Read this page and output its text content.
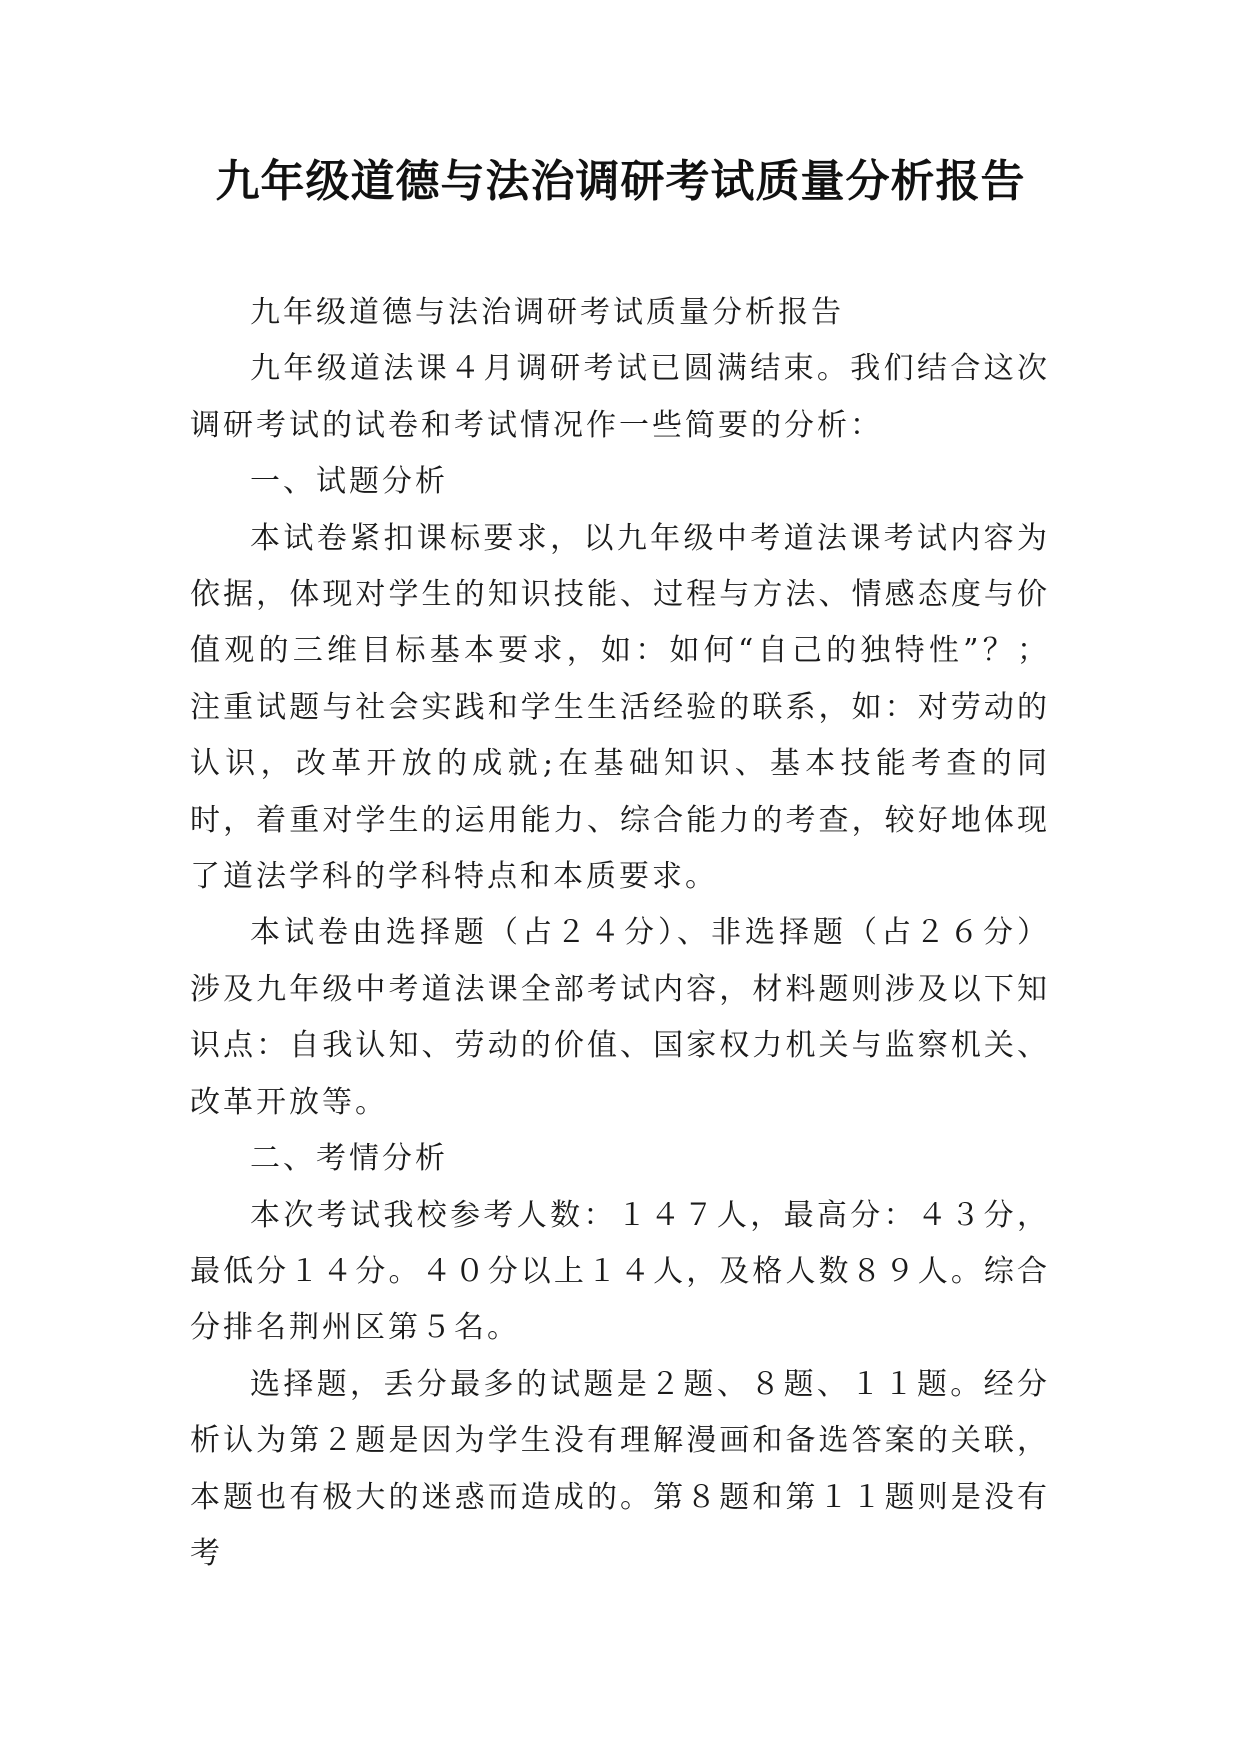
九年级道德与法治调研考试质量分析报告

九年级道德与法治调研考试质量分析报告

九年级道法课４月调研考试已圆满结束。我们结合这次调研考试的试卷和考试情况作一些简要的分析：

一、试题分析

本试卷紧扣课标要求，以九年级中考道法课考试内容为依据，体现对学生的知识技能、过程与方法、情感态度与价值观的三维目标基本要求，如：如何“自己的独特性”？；注重试题与社会实践和学生生活经验的联系，如：对劳动的认识，改革开放的成就;在基础知识、基本技能考查的同时，着重对学生的运用能力、综合能力的考查，较好地体现了道法学科的学科特点和本质要求。

本试卷由选择题（占２４分）、非选择题（占２６分）涉及九年级中考道法课全部考试内容，材料题则涉及以下知识点：自我认知、劳动的价值、国家权力机关与监察机关、改革开放等。

二、考情分析

本次考试我校参考人数：１４７人，最高分：４３分，最低分１４分。４０分以上１４人，及格人数８９人。综合分排名荆州区第５名。

选择题，丢分最多的试题是２题、８题、１１题。经分析认为第２题是因为学生没有理解漫画和备选答案的关联，本题也有极大的迷惑而造成的。第８题和第１１题则是没有考
